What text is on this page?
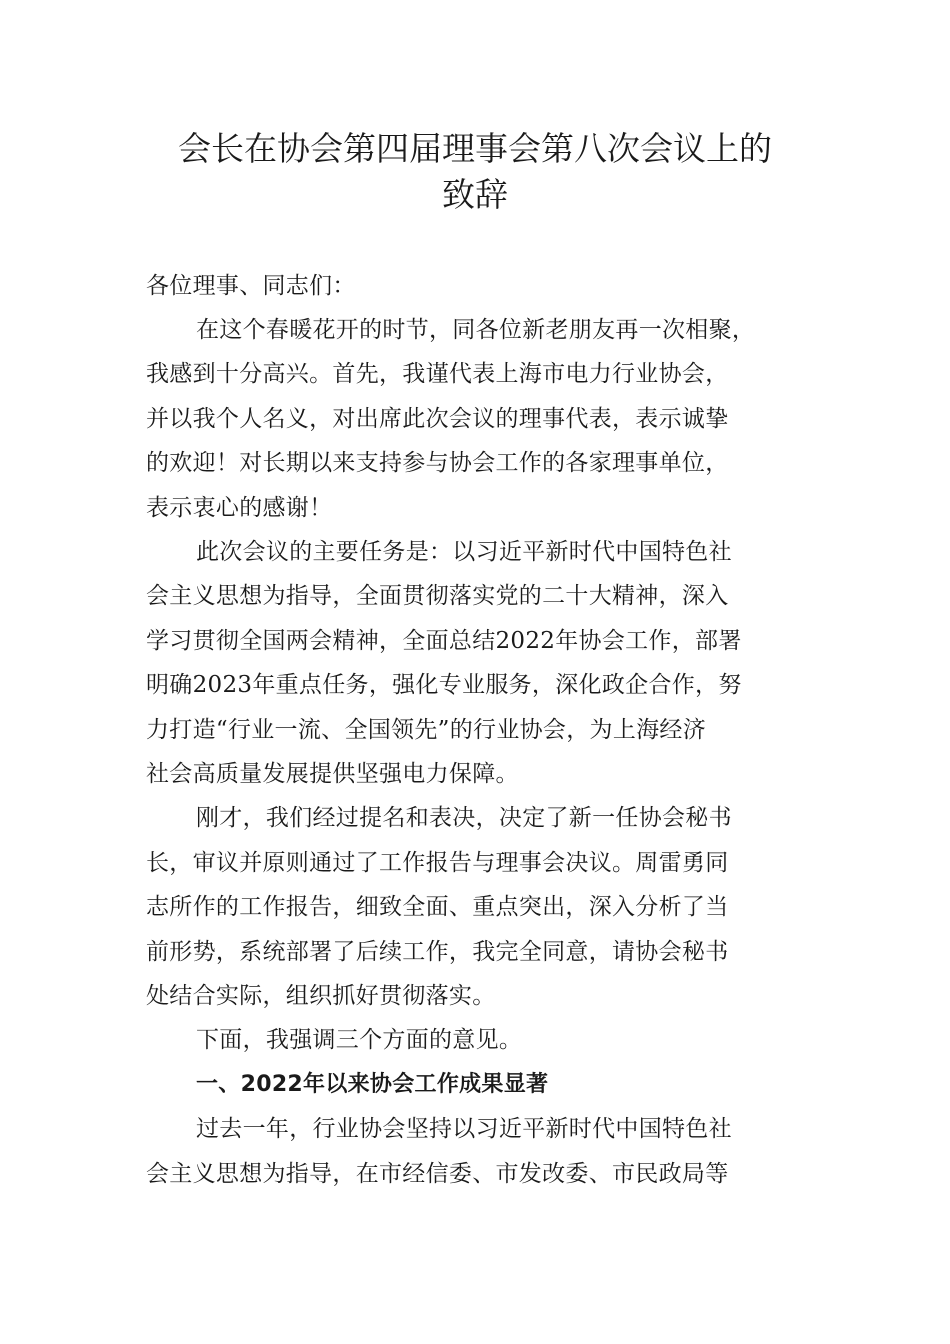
会长在协会第四届理事会第八次会议上的
致辞
各位理事、同志们：
在这个春暖花开的时节，同各位新老朋友再一次相聚，
我感到十分高兴。首先，我谨代表上海市电力行业协会，
并以我个人名义，对出席此次会议的理事代表，表示诚挚
的欢迎！对长期以来支持参与协会工作的各家理事单位，
表示衷心的感谢！
此次会议的主要任务是：以习近平新时代中国特色社
会主义思想为指导，全面贯彻落实党的二十大精神，深入
学习贯彻全国两会精神，全面总结2022年协会工作，部署
明确2023年重点任务，强化专业服务，深化政企合作，努
力打造“行业一流、全国领先”的行业协会，为上海经济
社会高质量发展提供坚强电力保障。
刚才，我们经过提名和表决，决定了新一任协会秘书
长，审议并原则通过了工作报告与理事会决议。周雷勇同
志所作的工作报告，细致全面、重点突出，深入分析了当
前形势，系统部署了后续工作，我完全同意，请协会秘书
处结合实际，组织抓好贯彻落实。
下面，我强调三个方面的意见。
一、2022年以来协会工作成果显著
过去一年，行业协会坚持以习近平新时代中国特色社
会主义思想为指导，在市经信委、市发改委、市民政局等
